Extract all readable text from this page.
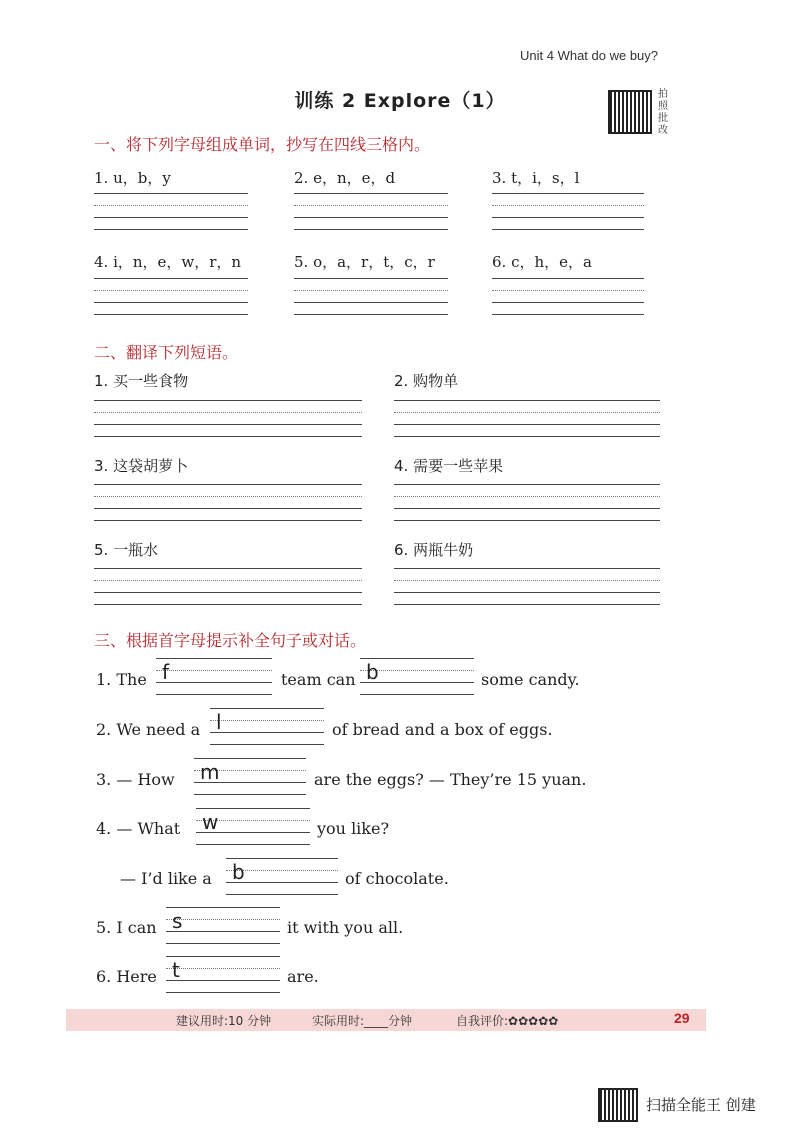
Unit 4 What do we buy?
训练 2 Explore（1）	拍照批改
一、将下列字母组成单词，抄写在四线三格内。
1. u，b，y	2. e，n，e，d	3. t，i，s，l
4. i，n，e，w，r，n	5. o，a，r，t，c，r	6. c，h，e，a
二、翻译下列短语。
1. 买一些食物	2. 购物单
3. 这袋胡萝卜	4. 需要一些苹果
5. 一瓶水	6. 两瓶牛奶
三、根据首字母提示补全句子或对话。
1. The f	team can b	some candy.
2. We need a l	of bread and a box of eggs.
3. — How m	are the eggs? — They’re 15 yuan.
4. — What w	you like?
— I’d like a b	of chocolate.
5. I can s	it with you all.
6. Here t	are.
建议用时:10 分钟	实际用时:____分钟	自我评价:✿✿✿✿✿	29
扫描全能王 创建
